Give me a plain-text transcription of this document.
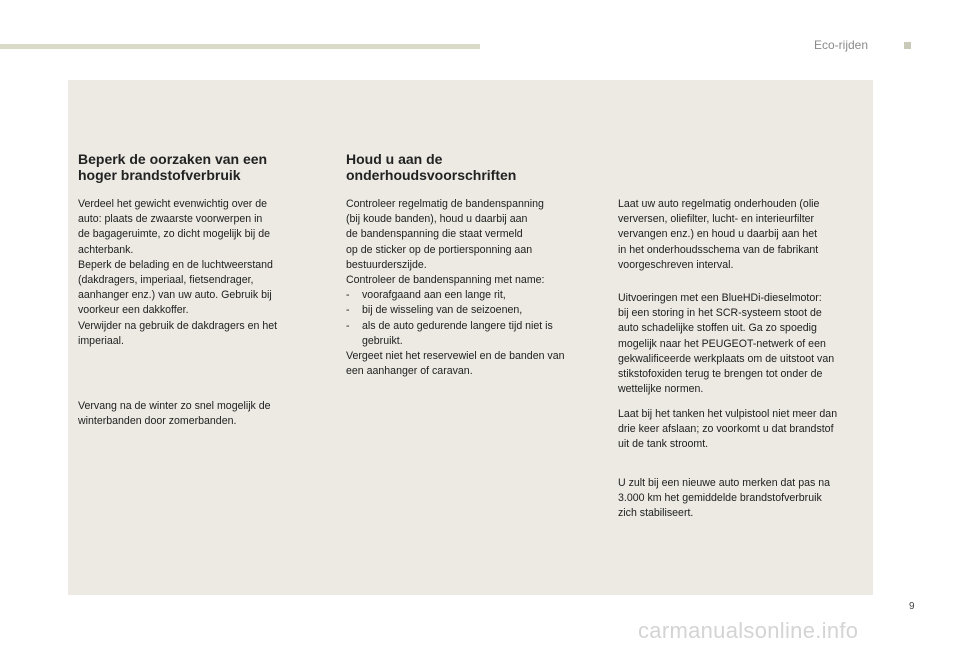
Eco-rijden
Beperk de oorzaken van een
hoger brandstofverbruik

Verdeel het gewicht evenwichtig over de

auto: plaats de zwaarste voorwerpen in

de bagageruimte, zo dicht mogelijk bij de

achterbank.

Beperk de belading en de luchtweerstand

(dakdragers, imperiaal, fietsendrager,

aanhanger enz.) van uw auto. Gebruik bij

voorkeur een dakkoffer.

Verwijder na gebruik de dakdragers en het

imperiaal.

Vervang na de winter zo snel mogelijk de

winterbanden door zomerbanden.

Houd u aan de
onderhoudsvoorschriften

Controleer regelmatig de bandenspanning

(bij koude banden), houd u daarbij aan

de bandenspanning die staat vermeld

op de sticker op de portiersponning aan

bestuurderszijde.

Controleer de bandenspanning met name:

-	voorafgaand aan een lange rit,
-	bij de wisseling van de seizoenen,
-	als de auto gedurende langere tijd niet is
gebruikt.

Vergeet niet het reservewiel en de banden van

een aanhanger of caravan.

Laat uw auto regelmatig onderhouden (olie

verversen, oliefilter, lucht- en interieurfilter

vervangen enz.) en houd u daarbij aan het

in het onderhoudsschema van de fabrikant

voorgeschreven interval.

Uitvoeringen met een BlueHDi-dieselmotor:

bij een storing in het SCR-systeem stoot de

auto schadelijke stoffen uit. Ga zo spoedig

mogelijk naar het PEUGEOT-netwerk of een

gekwalificeerde werkplaats om de uitstoot van

stikstofoxiden terug te brengen tot onder de

wettelijke normen.

Laat bij het tanken het vulpistool niet meer dan

drie keer afslaan; zo voorkomt u dat brandstof

uit de tank stroomt.

U zult bij een nieuwe auto merken dat pas na

3.000 km het gemiddelde brandstofverbruik

zich stabiliseert.

9
carmanualsonline.info
